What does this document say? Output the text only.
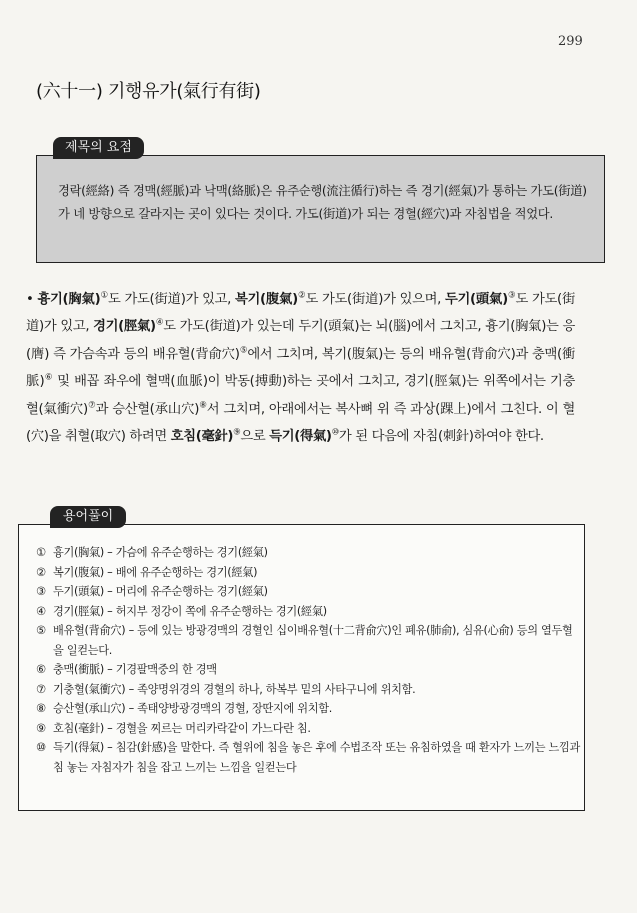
299
(六十一) 기행유가(氣行有街)
제목의 요점
경락(經絡) 즉 경맥(經脈)과 낙맥(絡脈)은 유주순행(流注循行)하는 즉 경기(經氣)가 통하는 가도(街道)가 네 방향으로 갈라지는 곳이 있다는 것이다. 가도(街道)가 되는 경혈(經穴)과 자침법을 적었다.
• 흉기(胸氣)①도 가도(街道)가 있고, 복기(腹氣)②도 가도(街道)가 있으며, 두기(頭氣)③도 가도(街道)가 있고, 경기(脛氣)④도 가도(街道)가 있는데 두기(頭氣)는 뇌(腦)에서 그치고, 흉기(胸氣)는 응(膺) 즉 가슴속과 등의 배유혈(背俞穴)⑤에서 그치며, 복기(腹氣)는 등의 배유혈(背俞穴)과 충맥(衝脈)⑥ 및 배꼽 좌우에 혈맥(血脈)이 박동(搏動)하는 곳에서 그치고, 경기(脛氣)는 위쪽에서는 기충혈(氣衝穴)⑦과 승산혈(承山穴)⑧서 그치며, 아래에서는 복사뼈 위 즉 과상(踝上)에서 그친다. 이 혈(穴)을 취혈(取穴) 하려면 호침(毫針)⑨으로 득기(得氣)⑩가 된 다음에 자침(刺針)하여야 한다.
용어풀이
① 흉기(胸氣) – 가슴에 유주순행하는 경기(經氣)
② 복기(腹氣) – 배에 유주순행하는 경기(經氣)
③ 두기(頭氣) – 머리에 유주순행하는 경기(經氣)
④ 경기(脛氣) – 허지부 정강이 쪽에 유주순행하는 경기(經氣)
⑤ 배유혈(背俞穴) – 등에 있는 방광경맥의 경혈인 십이배유혈(十二背俞穴)인 폐유(肺俞), 심유(心俞) 등의 열두혈을 일컫는다.
⑥ 충맥(衝脈) – 기경팔맥중의 한 경맥
⑦ 기충혈(氣衝穴) – 족양명위경의 경혈의 하나, 하복부 밑의 사타구니에 위치함.
⑧ 승산혈(承山穴) – 족태양방광경맥의 경혈, 장딴지에 위치함.
⑨ 호침(毫針) – 경혈을 찌르는 머리카락같이 가느다란 침.
⑩ 득기(得氣) – 침감(針感)을 말한다. 즉 혈위에 침을 놓은 후에 수법조작 또는 유침하였을 때 환자가 느끼는 느낌과 침 놓는 자침자가 침을 잡고 느끼는 느낌을 일컫는다
